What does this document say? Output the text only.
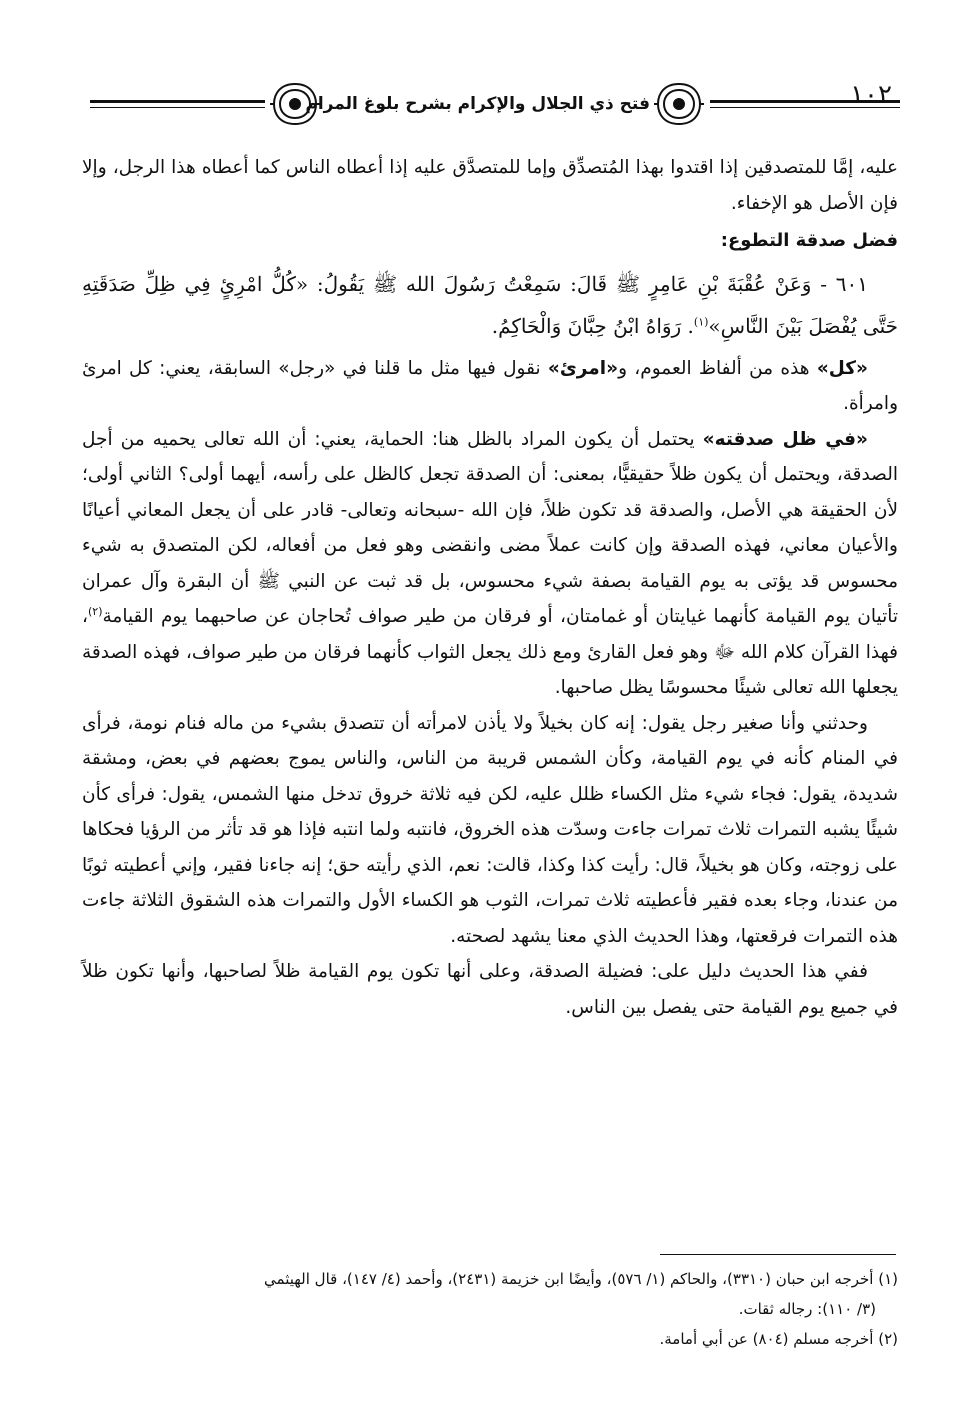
١٠٢
فتح ذي الجلال والإكرام بشرح بلوغ المرام

عليه، إمَّا للمتصدقين إذا اقتدوا بهذا المُتصدِّق وإما للمتصدَّق عليه إذا أعطاه الناس كما أعطاه هذا الرجل، وإلا فإن الأصل هو الإخفاء.

فضل صدقة التطوع:

٦٠١ - وَعَنْ عُقْبَةَ بْنِ عَامِرٍ ﷺ قَالَ: سَمِعْتُ رَسُولَ الله ﷺ يَقُولُ: «كُلُّ امْرِئٍ فِي ظِلِّ صَدَقَتِهِ حَتَّى يُفْصَلَ بَيْنَ النَّاسِ»$^{(١)}$. رَوَاهُ ابْنُ حِبَّانَ وَالْحَاكِمُ.

«كل» هذه من ألفاظ العموم، و«امرئ» نقول فيها مثل ما قلنا في «رجل» السابقة، يعني: كل امرئ وامرأة.

«في ظل صدقته» يحتمل أن يكون المراد بالظل هنا: الحماية، يعني: أن الله تعالى يحميه من أجل الصدقة، ويحتمل أن يكون ظلاً حقيقيًّا، بمعنى: أن الصدقة تجعل كالظل على رأسه، أيهما أولى؟ الثاني أولى؛ لأن الحقيقة هي الأصل، والصدقة قد تكون ظلاً، فإن الله -سبحانه وتعالى- قادر على أن يجعل المعاني أعيانًا والأعيان معاني، فهذه الصدقة وإن كانت عملاً مضى وانقضى وهو فعل من أفعاله، لكن المتصدق به شيء محسوس قد يؤتى به يوم القيامة بصفة شيء محسوس، بل قد ثبت عن النبي ﷺ أن البقرة وآل عمران تأتيان يوم القيامة كأنهما غيايتان أو غمامتان، أو فرقان من طير صواف تُحاجان عن صاحبهما يوم القيامة$^{(٢)}$، فهذا القرآن كلام الله ﷻ وهو فعل القارئ ومع ذلك يجعل الثواب كأنهما فرقان من طير صواف، فهذه الصدقة يجعلها الله تعالى شيئًا محسوسًا يظل صاحبها.

وحدثني وأنا صغير رجل يقول: إنه كان بخيلاً ولا يأذن لامرأته أن تتصدق بشيء من ماله فنام نومة، فرأى في المنام كأنه في يوم القيامة، وكأن الشمس قريبة من الناس، والناس يموج بعضهم في بعض، ومشقة شديدة، يقول: فجاء شيء مثل الكساء ظلل عليه، لكن فيه ثلاثة خروق تدخل منها الشمس، يقول: فرأى كأن شيئًا يشبه التمرات ثلاث تمرات جاءت وسدّت هذه الخروق، فانتبه ولما انتبه فإذا هو قد تأثر من الرؤيا فحكاها على زوجته، وكان هو بخيلاً، قال: رأيت كذا وكذا، قالت: نعم، الذي رأيته حق؛ إنه جاءنا فقير، وإني أعطيته ثوبًا من عندنا، وجاء بعده فقير فأعطيته ثلاث تمرات، الثوب هو الكساء الأول والتمرات هذه الشقوق الثلاثة جاءت هذه التمرات فرقعتها، وهذا الحديث الذي معنا يشهد لصحته.

ففي هذا الحديث دليل على: فضيلة الصدقة، وعلى أنها تكون يوم القيامة ظلاً لصاحبها، وأنها تكون ظلاً في جميع يوم القيامة حتى يفصل بين الناس.

(١) أخرجه ابن حبان (٣٣١٠)، والحاكم (١/ ٥٧٦)، وأيضًا ابن خزيمة (٢٤٣١)، وأحمد (٤/ ١٤٧)، قال الهيثمي

(٣/ ١١٠): رجاله ثقات.

(٢) أخرجه مسلم (٨٠٤) عن أبي أمامة.
